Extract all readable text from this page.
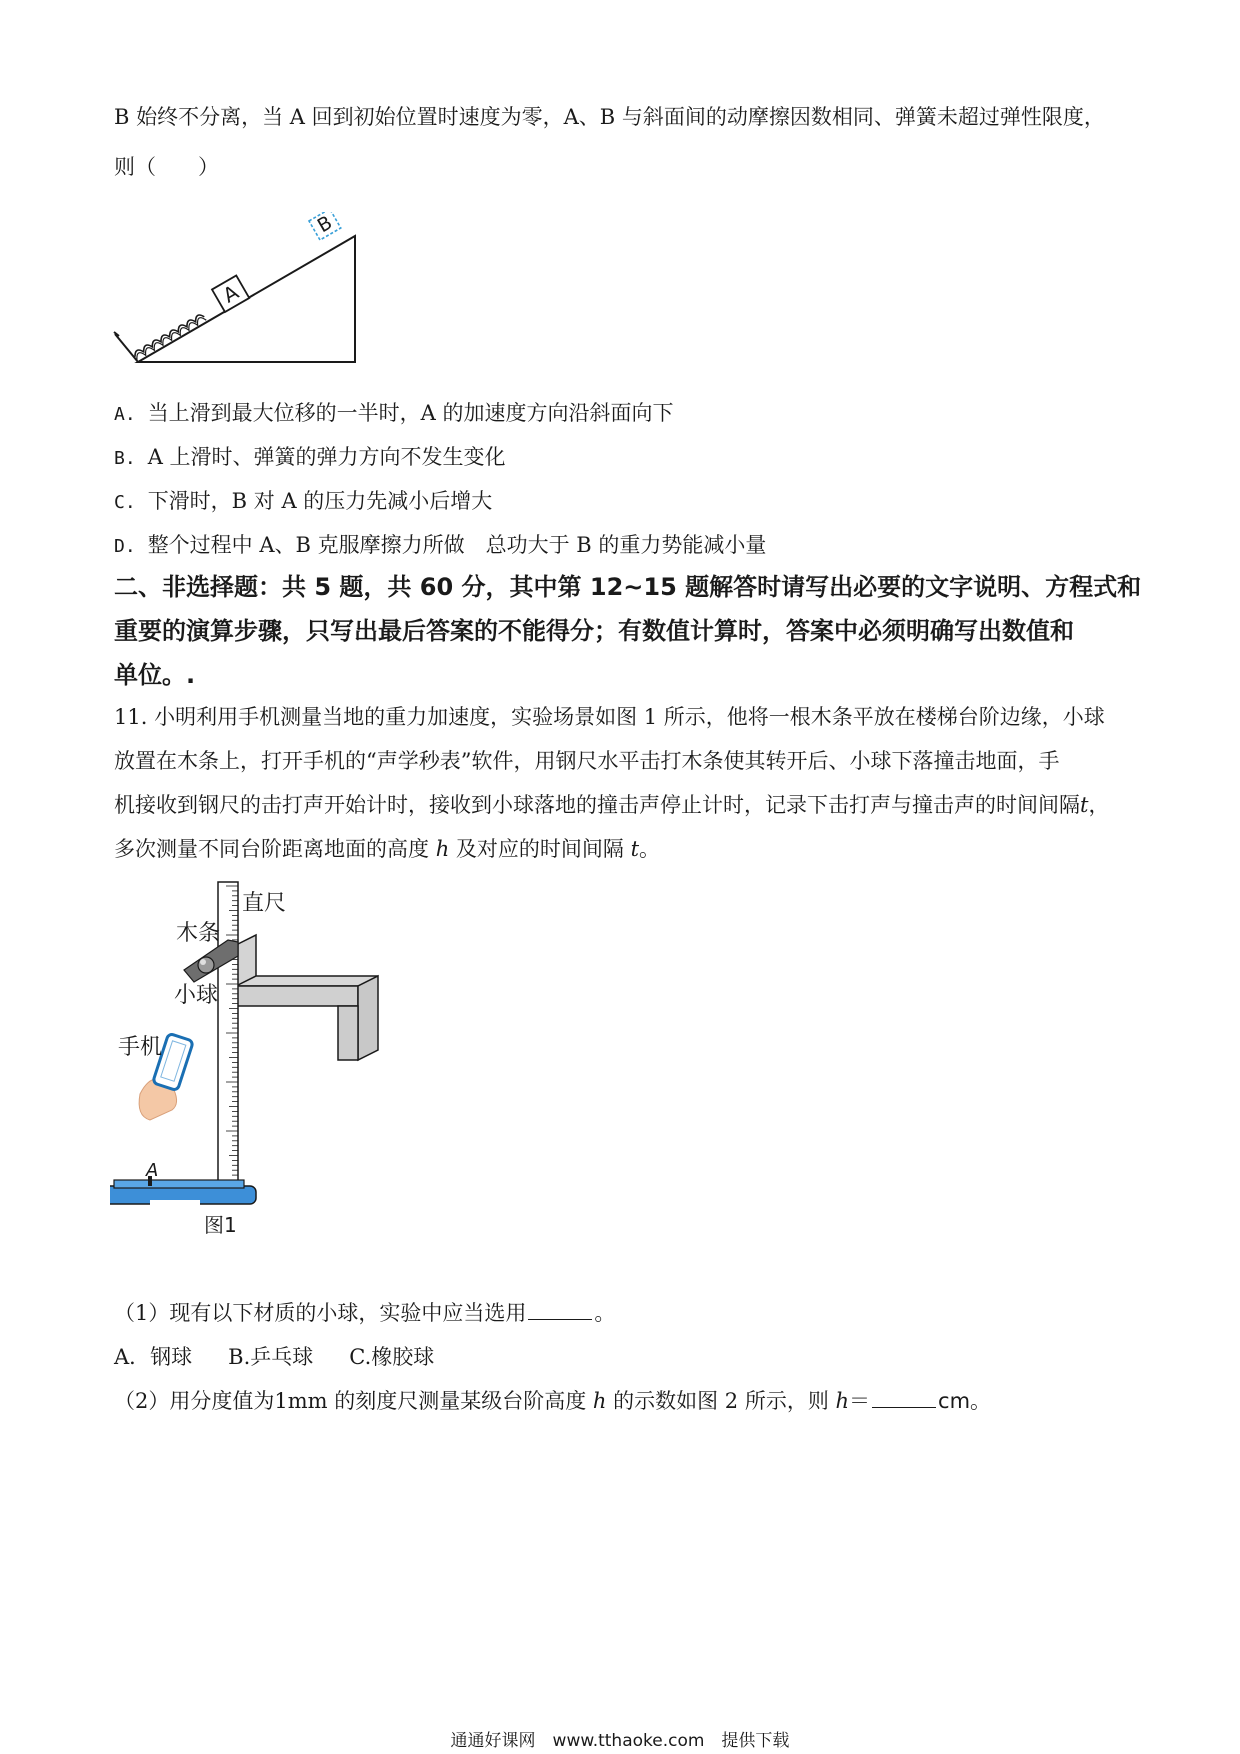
B 始终不分离，当 A 回到初始位置时速度为零，A、B 与斜面间的动摩擦因数相同、弹簧未超过弹性限度，
则（　　）
A
B
A. 当上滑到最大位移的一半时，A 的加速度方向沿斜面向下
B. A 上滑时、弹簧的弹力方向不发生变化
C. 下滑时，B 对 A 的压力先减小后增大
D. 整个过程中 A、B 克服摩擦力所做　总功大于 B 的重力势能减小量
二、非选择题：共 5 题，共 60 分，其中第 12~15 题解答时请写出必要的文字说明、方程式和
重要的演算步骤，只写出最后答案的不能得分；有数值计算时，答案中必须明确写出数值和
单位。.
11. 小明利用手机测量当地的重力加速度，实验场景如图 1 所示，他将一根木条平放在楼梯台阶边缘，小球
放置在木条上，打开手机的“声学秒表”软件，用钢尺水平击打木条使其转开后、小球下落撞击地面，手
机接收到钢尺的击打声开始计时，接收到小球落地的撞击声停止计时，记录下击打声与撞击声的时间间隔t，
多次测量不同台阶距离地面的高度 h 及对应的时间间隔 t。
直尺
木条
小球
手机
A
图1
（1）现有以下材质的小球，实验中应当选用	。
A．钢球 B.乒乓球 C.橡胶球
（2）用分度值为1mm 的刻度尺测量某级台阶高度 h 的示数如图 2 所示，则 h＝	cm。
通通好课网　www.tthaoke.com　提供下载
